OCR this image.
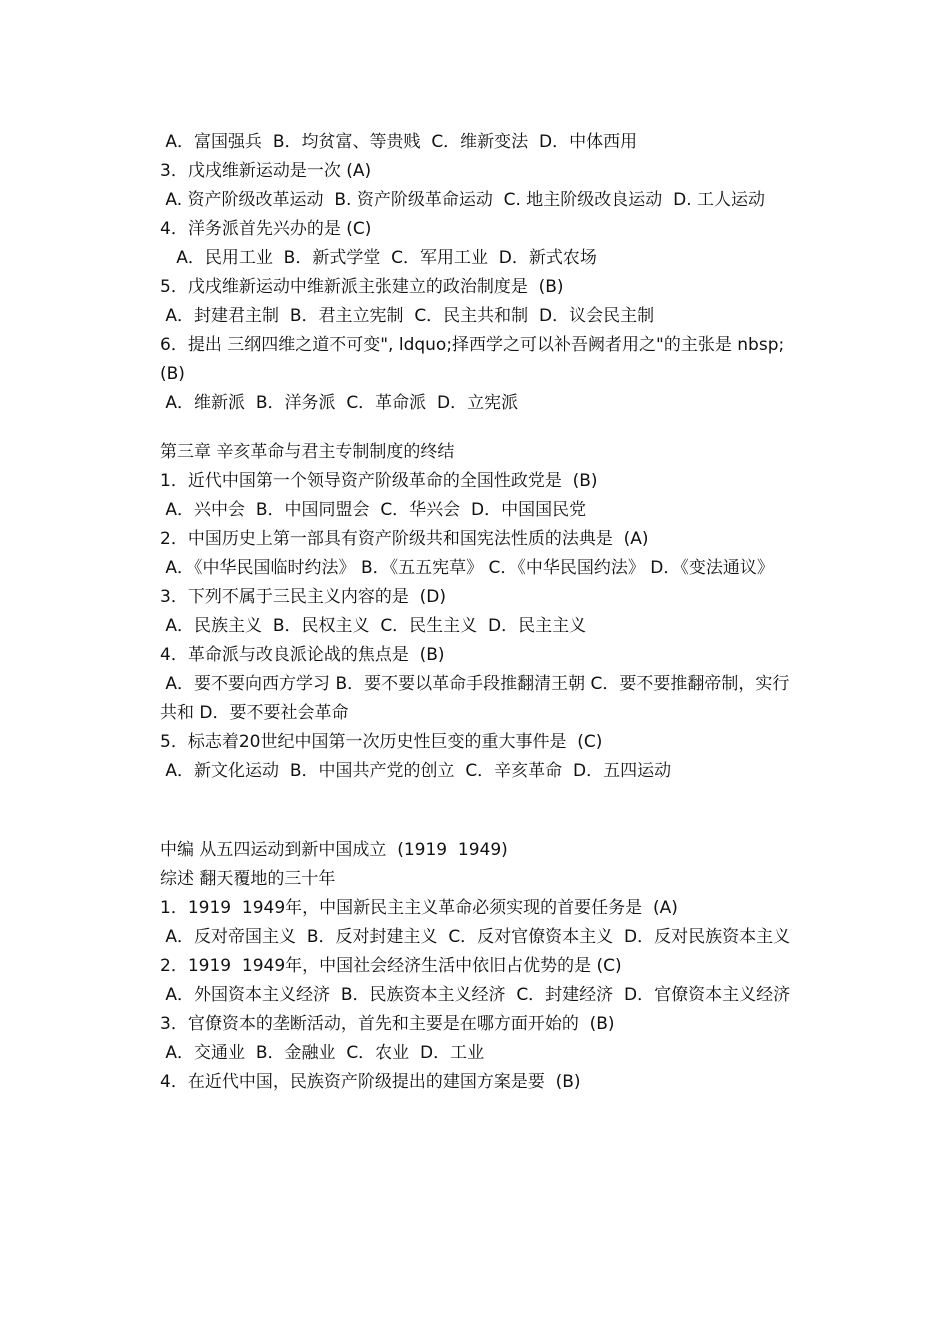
A．富国强兵  B．均贫富、等贵贱  C．维新变法  D．中体西用
3．戊戌维新运动是一次 (A)
A. 资产阶级改革运动  B. 资产阶级革命运动  C. 地主阶级改良运动  D. 工人运动
4．洋务派首先兴办的是 (C)
A．民用工业  B．新式学堂  C．军用工业  D．新式农场
5．戊戌维新运动中维新派主张建立的政治制度是  (B)
A．封建君主制  B．君主立宪制  C．民主共和制  D．议会民主制
6．提出 三纲四维之道不可变", ldquo;择西学之可以补吾阙者用之"的主张是 nbsp; (B)
A．维新派  B．洋务派  C．革命派  D．立宪派
第三章 辛亥革命与君主专制制度的终结
1．近代中国第一个领导资产阶级革命的全国性政党是  (B)
A．兴中会  B．中国同盟会  C．华兴会  D．中国国民党
2．中国历史上第一部具有资产阶级共和国宪法性质的法典是  (A)
A．《中华民国临时约法》 B．《五五宪草》 C．《中华民国约法》 D．《变法通议》
3．下列不属于三民主义内容的是  (D)
A．民族主义  B．民权主义  C．民生主义  D．民主主义
4．革命派与改良派论战的焦点是  (B)
A．要不要向西方学习 B．要不要以革命手段推翻清王朝 C．要不要推翻帝制，实行共和 D．要不要社会革命
5．标志着20世纪中国第一次历史性巨变的重大事件是  (C)
A．新文化运动  B．中国共产党的创立  C．辛亥革命  D．五四运动
中编 从五四运动到新中国成立  (1919  1949)
综述 翻天覆地的三十年
1．1919  1949年，中国新民主主义革命必须实现的首要任务是  (A)
A．反对帝国主义  B．反对封建主义  C．反对官僚资本主义  D．反对民族资本主义
2．1919  1949年，中国社会经济生活中依旧占优势的是 (C)
A．外国资本主义经济  B．民族资本主义经济  C．封建经济  D．官僚资本主义经济
3．官僚资本的垄断活动，首先和主要是在哪方面开始的  (B)
A．交通业  B．金融业  C．农业  D．工业
4．在近代中国，民族资产阶级提出的建国方案是要  (B)
